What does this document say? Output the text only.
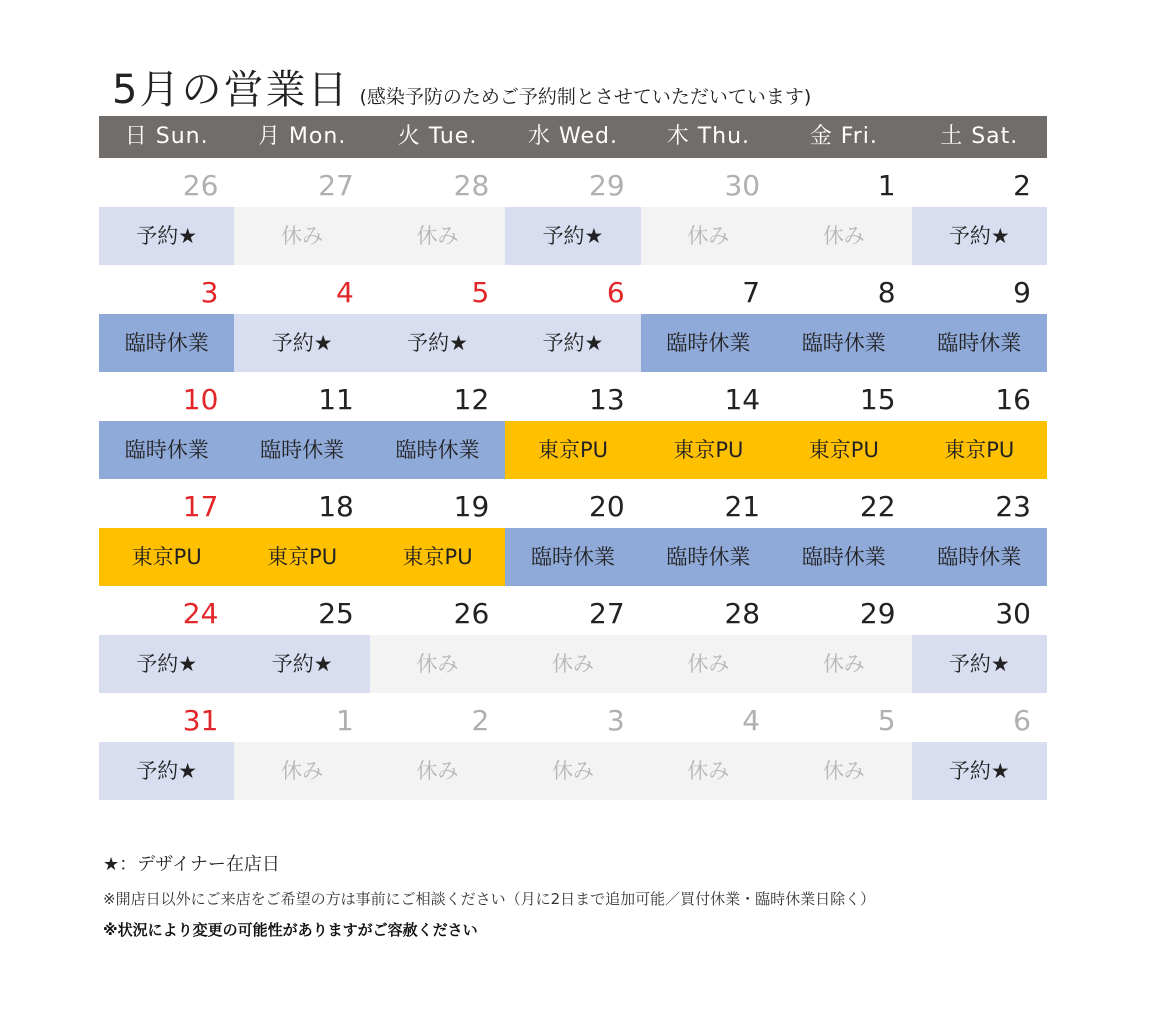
5月の営業日 (感染予防のためご予約制とさせていただいています)
日 Sun.	月 Mon.	火 Tue.	水 Wed.	木 Thu.	金 Fri.	土 Sat.
26	27	28	29	30	1	2
予約★	休み	休み	予約★	休み	休み	予約★
3	4	5	6	7	8	9
臨時休業	予約★	予約★	予約★	臨時休業	臨時休業	臨時休業
10	11	12	13	14	15	16
臨時休業	臨時休業	臨時休業	東京PU	東京PU	東京PU	東京PU
17	18	19	20	21	22	23
東京PU	東京PU	東京PU	臨時休業	臨時休業	臨時休業	臨時休業
24	25	26	27	28	29	30
予約★	予約★	休み	休み	休み	休み	予約★
31	1	2	3	4	5	6
予約★	休み	休み	休み	休み	休み	予約★
★：デザイナー在店日
※開店日以外にご来店をご希望の方は事前にご相談ください（月に2日まで追加可能／買付休業・臨時休業日除く）
※状況により変更の可能性がありますがご容赦ください
